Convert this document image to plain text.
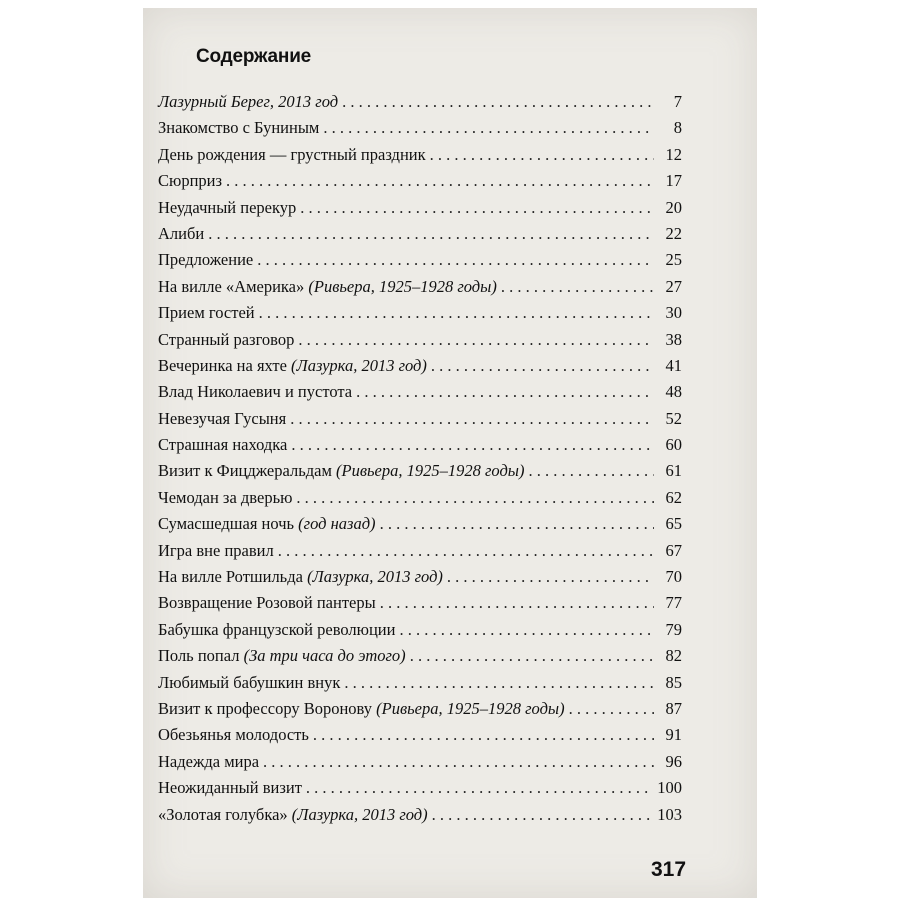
Содержание
Лазурный Берег, 2013 год . . .	7
Знакомство с Буниным . . .	8
День рождения — грустный праздник . . .	12
Сюрприз . . .	17
Неудачный перекур . . .	20
Алиби . . .	22
Предложение . . .	25
На вилле «Америка»
(Ривьера, 1925–1928 годы) . . .	27
Прием гостей . . .	30
Странный разговор . . .	38
Вечеринка на яхте
(Лазурка, 2013 год) . . .	41
Влад Николаевич и пустота . . .	48
Невезучая Гусыня . . .	52
Страшная находка . . .	60
Визит к Фицджеральдам
(Ривьера, 1925–1928 годы) . . .	61
Чемодан за дверью . . .	62
Сумасшедшая ночь
(год назад) . . .	65
Игра вне правил . . .	67
На вилле Ротшильда
(Лазурка, 2013 год) . . .	70
Возвращение Розовой пантеры . . .	77
Бабушка французской революции . . .	79
Поль попал
(За три часа до этого) . . .	82
Любимый бабушкин внук . . .	85
Визит к профессору Воронову
(Ривьера, 1925–1928 годы) . . .	87
Обезьянья молодость . . .	91
Надежда мира . . .	96
Неожиданный визит . . .	100
«Золотая голубка»
(Лазурка, 2013 год) . . .	103
317
